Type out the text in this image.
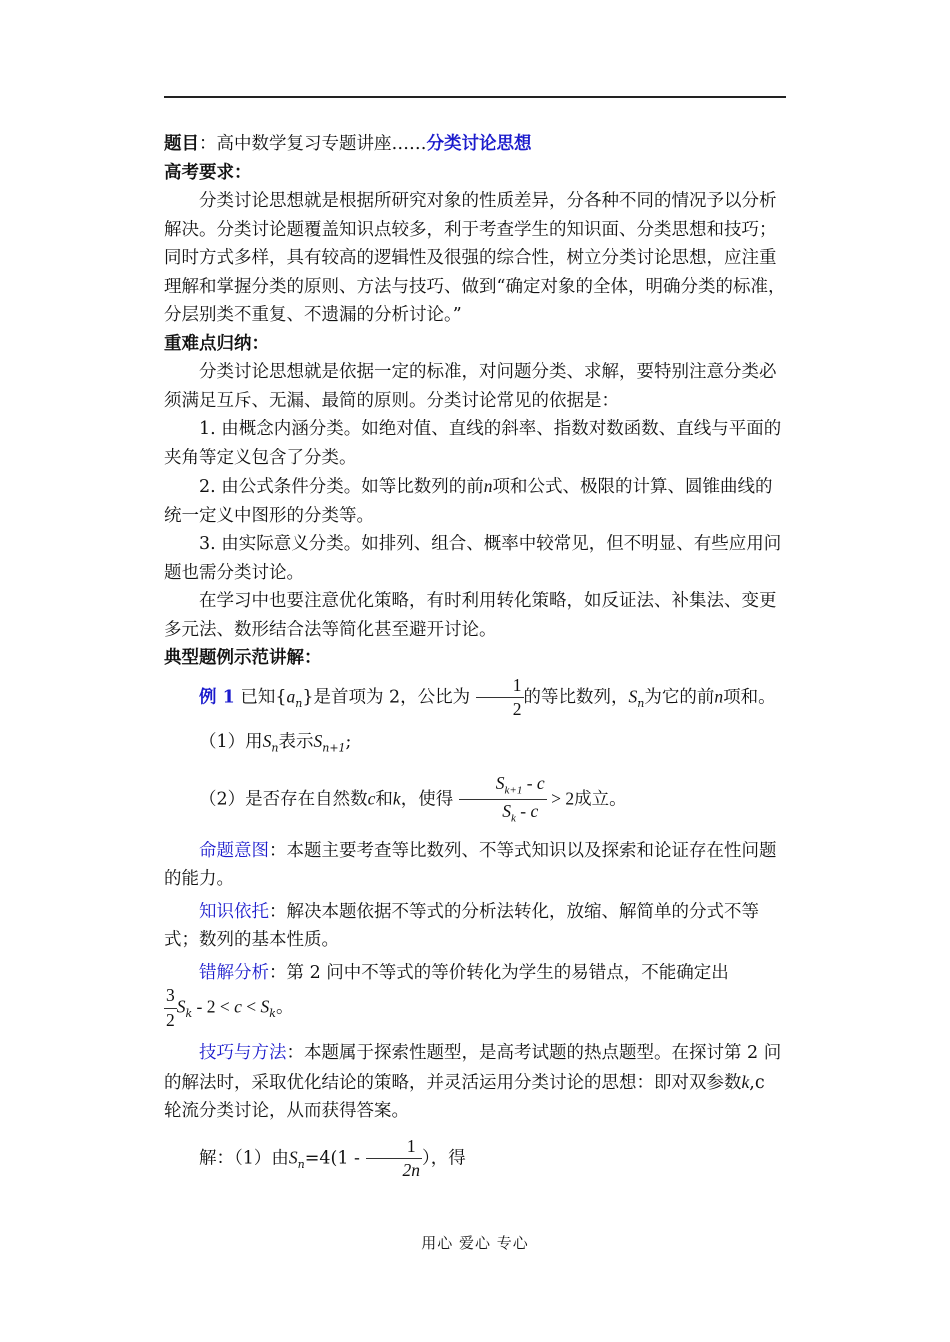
题目：高中数学复习专题讲座……分类讨论思想

高考要求：

分类讨论思想就是根据所研究对象的性质差异，分各种不同的情况予以分析解决。分类讨论题覆盖知识点较多，利于考查学生的知识面、分类思想和技巧；同时方式多样，具有较高的逻辑性及很强的综合性，树立分类讨论思想，应注重理解和掌握分类的原则、方法与技巧、做到“确定对象的全体，明确分类的标准，分层别类不重复、不遗漏的分析讨论。”

重难点归纳：

分类讨论思想就是依据一定的标准，对问题分类、求解，要特别注意分类必须满足互斥、无漏、最简的原则。分类讨论常见的依据是：

1. 由概念内涵分类。如绝对值、直线的斜率、指数对数函数、直线与平面的夹角等定义包含了分类。

2. 由公式条件分类。如等比数列的前n项和公式、极限的计算、圆锥曲线的统一定义中图形的分类等。

3. 由实际意义分类。如排列、组合、概率中较常见，但不明显、有些应用问题也需分类讨论。

在学习中也要注意优化策略，有时利用转化策略，如反证法、补集法、变更多元法、数形结合法等简化甚至避开讨论。

典型题例示范讲解：

例 1 已知$\{a_n\}$是首项为 2，公比为 $\frac{1}{2}$ 的等比数列，$S_n$为它的前n项和。

（1）用$S_n$表示$S_{n+1}$;

（2）是否存在自然数c和k，使得 $\frac{S_{k+1} - c}{S_k - c} > 2$成立。

命题意图：本题主要考查等比数列、不等式知识以及探索和论证存在性问题的能力。

知识依托：解决本题依据不等式的分析法转化，放缩、解简单的分式不等式；数列的基本性质。

错解分析：第 2 问中不等式的等价转化为学生的易错点，不能确定出

$\frac{3}{2} S_k - 2 < c < S_k$。

技巧与方法：本题属于探索性题型，是高考试题的热点题型。在探讨第 2 问的解法时，采取优化结论的策略，并灵活运用分类讨论的思想：即对双参数k,c 轮流分类讨论，从而获得答案。

解：（1）由$S_n=4(1 - \frac{1}{2n}$ ），得

用心 爱心 专心
